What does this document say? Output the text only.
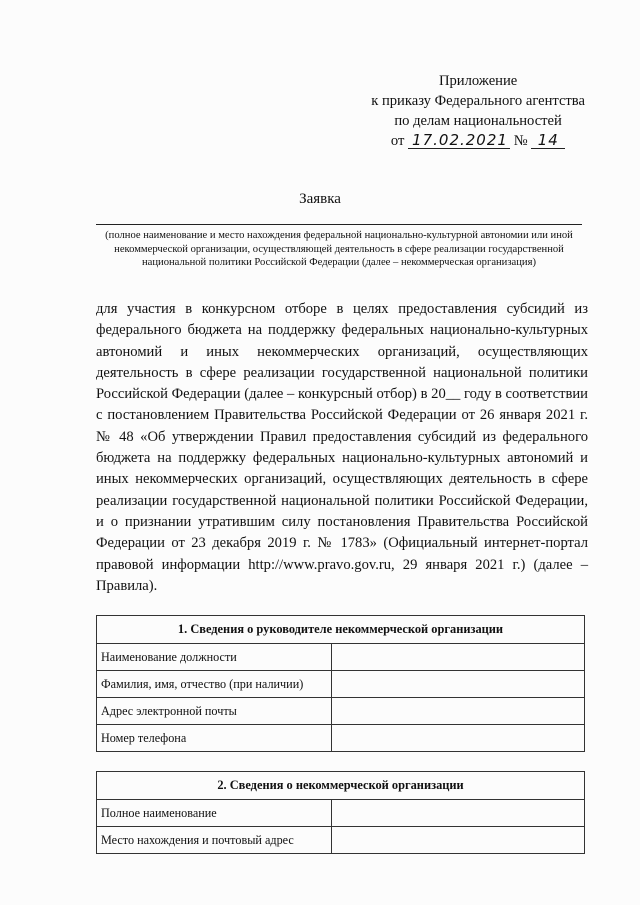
Приложение
к приказу Федерального агентства
по делам национальностей
от 17.02.2021 № 14
Заявка
(полное наименование и место нахождения федеральной национально-культурной автономии или иной некоммерческой организации, осуществляющей деятельность в сфере реализации государственной национальной политики Российской Федерации (далее – некоммерческая организация)
для участия в конкурсном отборе в целях предоставления субсидий из федерального бюджета на поддержку федеральных национально-культурных автономий и иных некоммерческих организаций, осуществляющих деятельность в сфере реализации государственной национальной политики Российской Федерации (далее – конкурсный отбор) в 20__ году в соответствии с постановлением Правительства Российской Федерации от 26 января 2021 г. № 48 «Об утверждении Правил предоставления субсидий из федерального бюджета на поддержку федеральных национально-культурных автономий и иных некоммерческих организаций, осуществляющих деятельность в сфере реализации государственной национальной политики Российской Федерации, и о признании утратившим силу постановления Правительства Российской Федерации от 23 декабря 2019 г. № 1783» (Официальный интернет-портал правовой информации http://www.pravo.gov.ru, 29 января 2021 г.) (далее – Правила).
1. Сведения о руководителе некоммерческой организации	
Наименование должности	
Фамилия, имя, отчество (при наличии)	
Адрес электронной почты	
Номер телефона	
2. Сведения о некоммерческой организации	
Полное наименование	
Место нахождения и почтовый адрес	
